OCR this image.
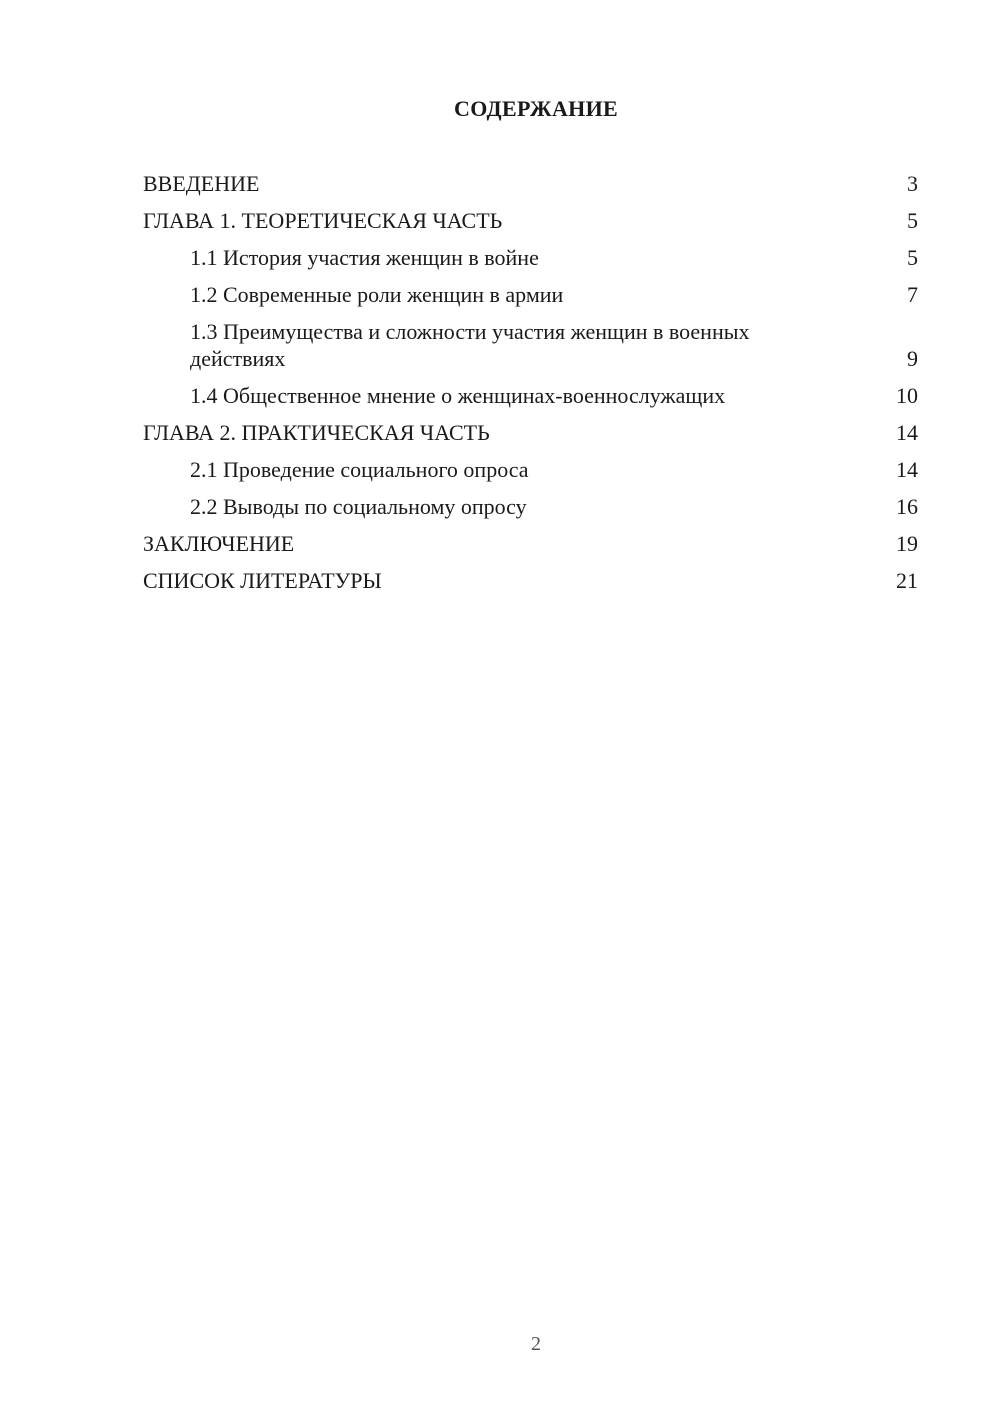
СОДЕРЖАНИЕ
ВВЕДЕНИЕ	3
ГЛАВА 1. ТЕОРЕТИЧЕСКАЯ ЧАСТЬ	5
1.1 История участия женщин в войне	5
1.2 Современные роли женщин в армии	7
1.3 Преимущества и сложности участия женщин в военных действиях	9
1.4 Общественное мнение о женщинах-военнослужащих	10
ГЛАВА 2. ПРАКТИЧЕСКАЯ ЧАСТЬ	14
2.1 Проведение социального опроса	14
2.2 Выводы по социальному опросу	16
ЗАКЛЮЧЕНИЕ	19
СПИСОК ЛИТЕРАТУРЫ	21
2
